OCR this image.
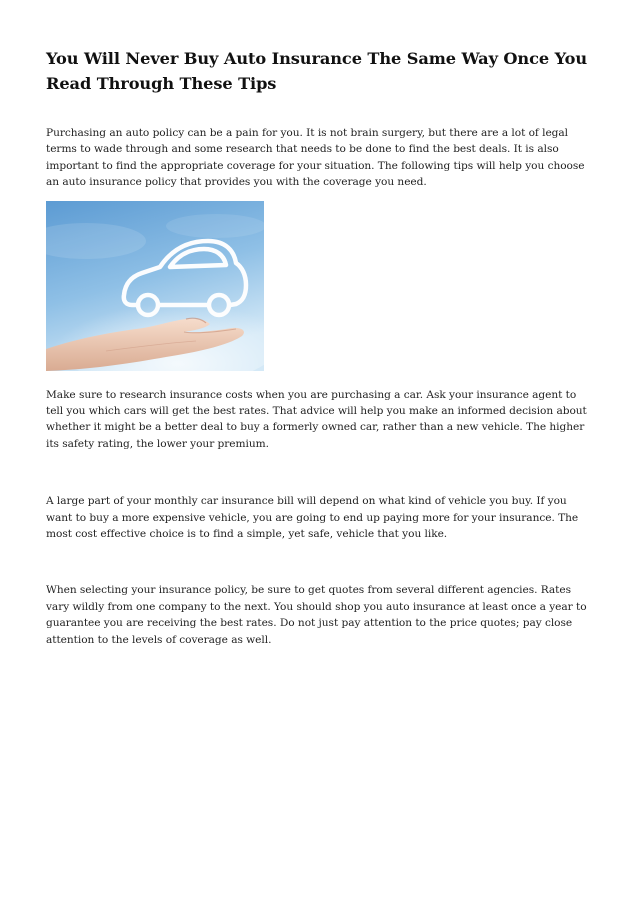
You Will Never Buy Auto Insurance The Same Way Once You Read Through These Tips

Purchasing an auto policy can be a pain for you. It is not brain surgery, but there are a lot of legal terms to wade through and some research that needs to be done to find the best deals. It is also important to find the appropriate coverage for your situation. The following tips will help you choose an auto insurance policy that provides you with the coverage you need.

Make sure to research insurance costs when you are purchasing a car. Ask your insurance agent to tell you which cars will get the best rates. That advice will help you make an informed decision about whether it might be a better deal to buy a formerly owned car, rather than a new vehicle. The higher its safety rating, the lower your premium.

A large part of your monthly car insurance bill will depend on what kind of vehicle you buy. If you want to buy a more expensive vehicle, you are going to end up paying more for your insurance. The most cost effective choice is to find a simple, yet safe, vehicle that you like.

When selecting your insurance policy, be sure to get quotes from several different agencies. Rates vary wildly from one company to the next. You should shop you auto insurance at least once a year to guarantee you are receiving the best rates. Do not just pay attention to the price quotes; pay close attention to the levels of coverage as well.
